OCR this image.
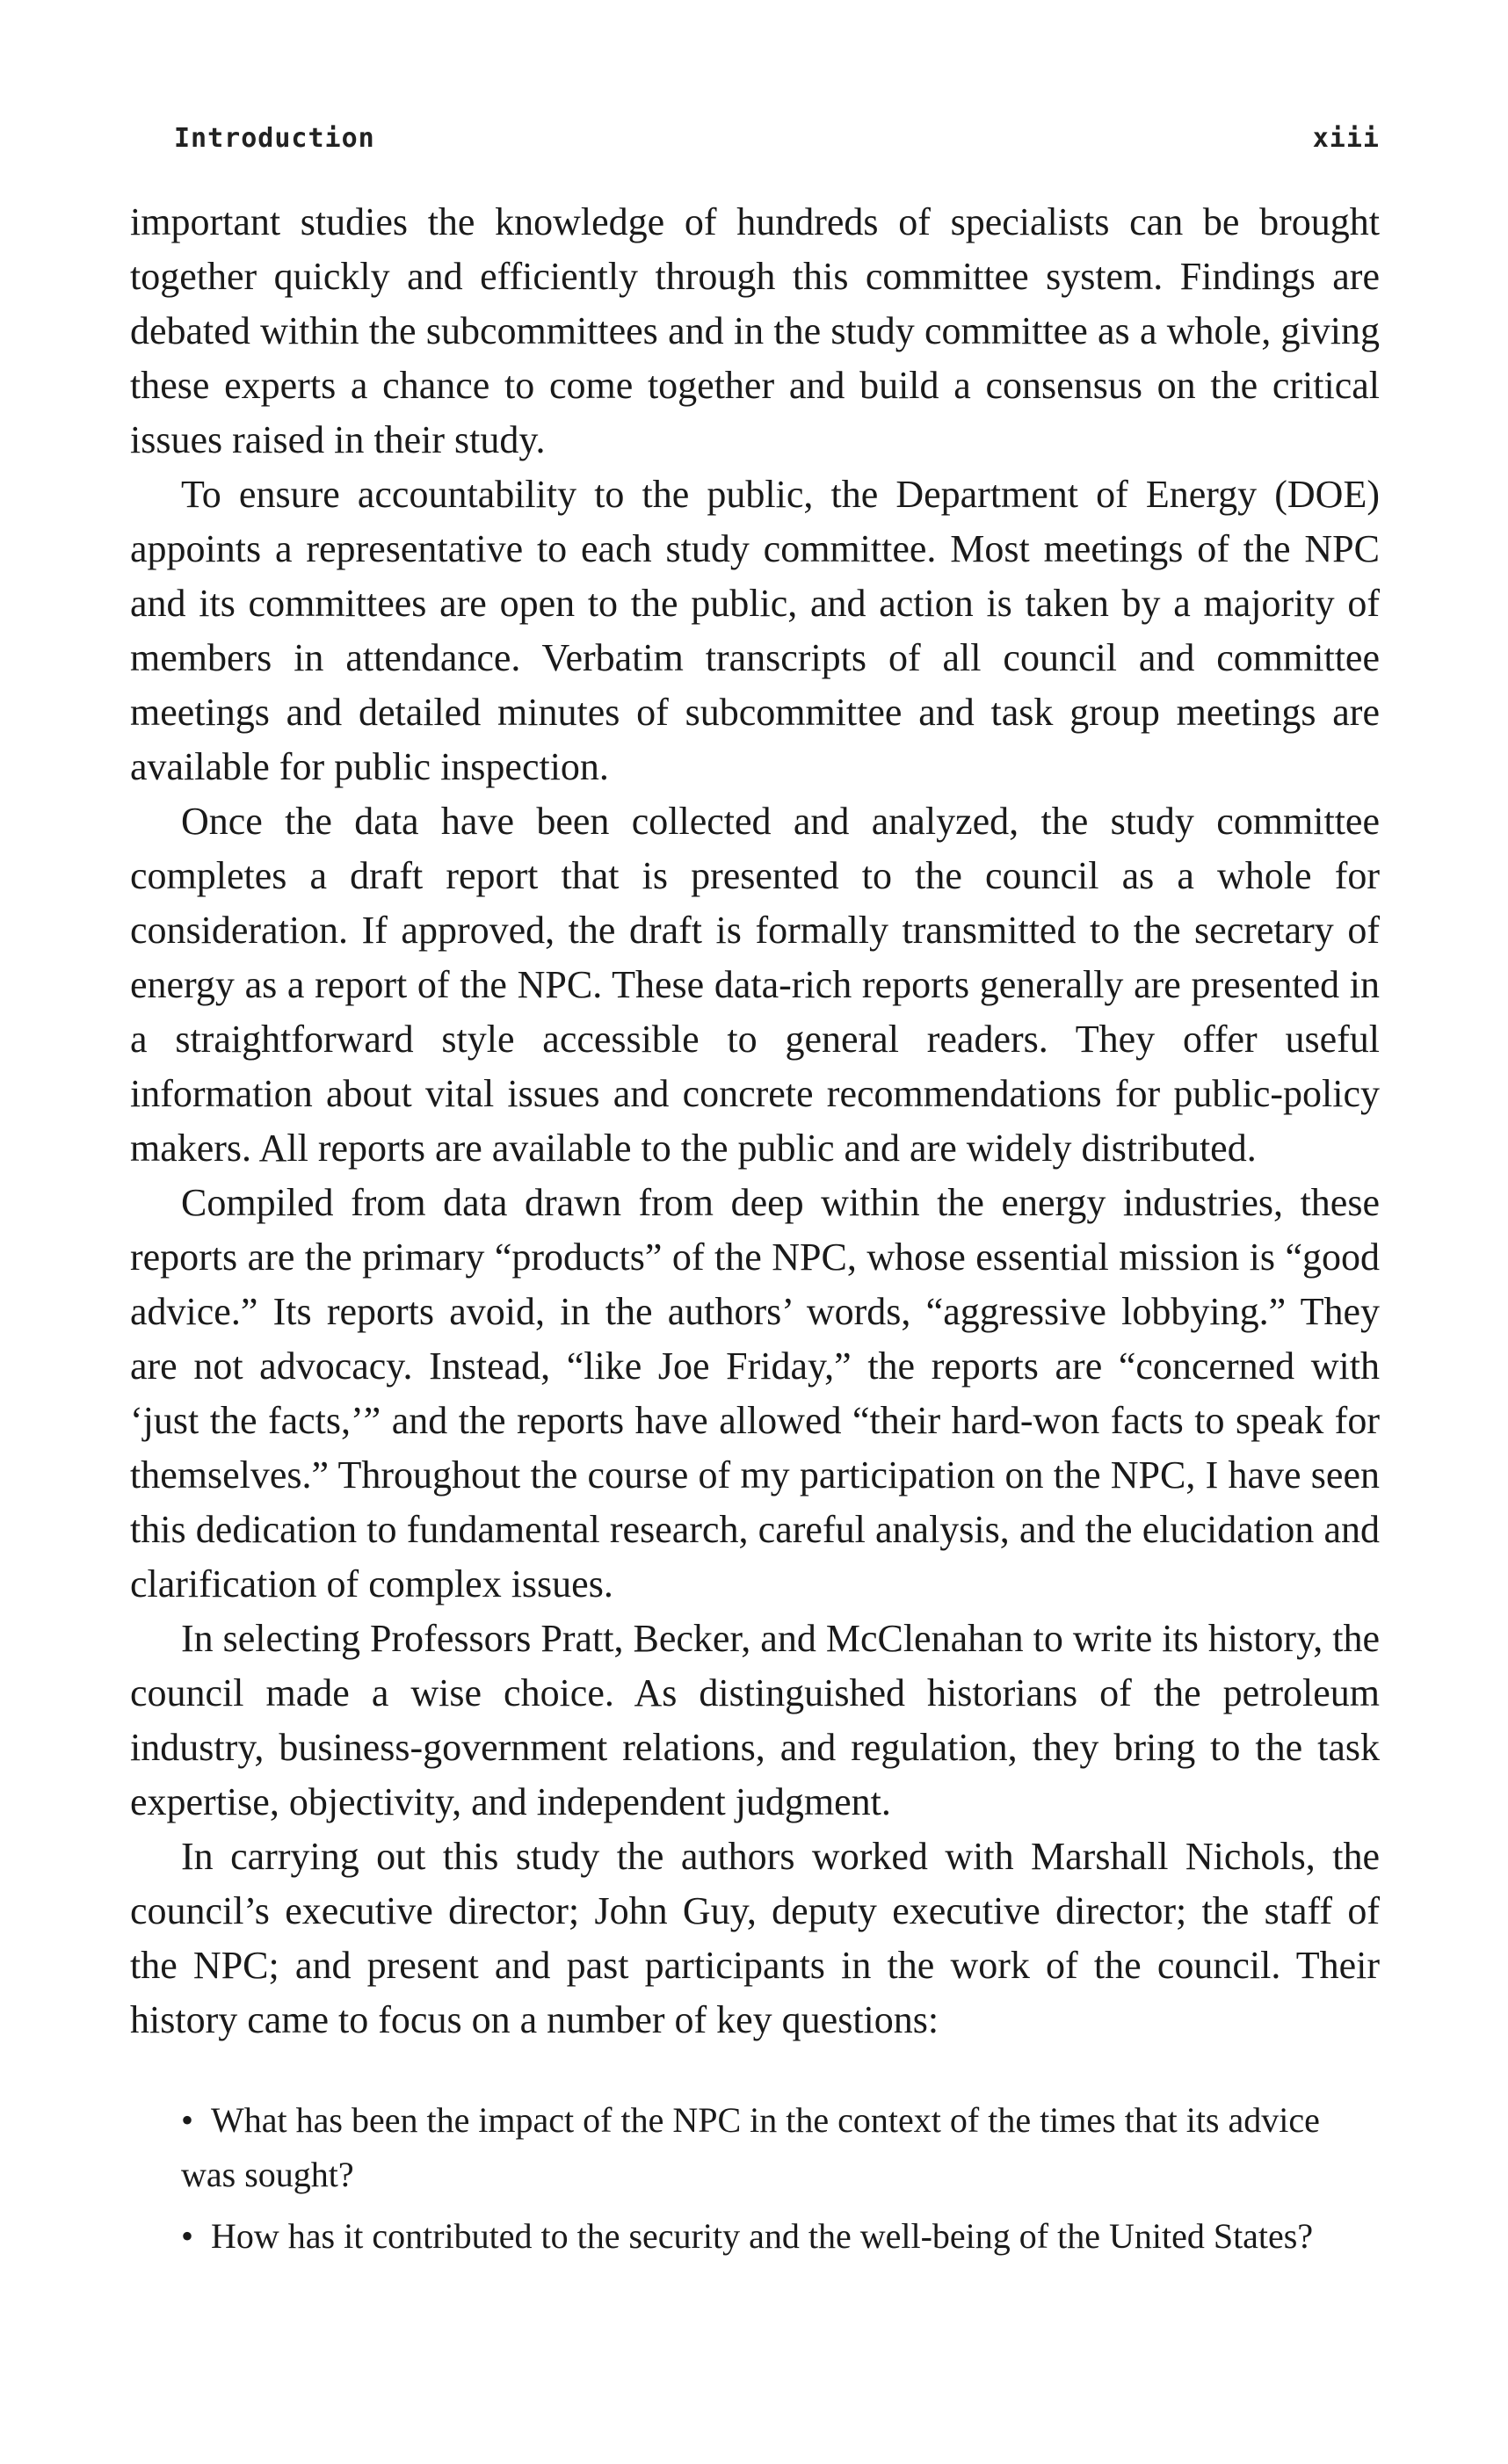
Introduction	xiii

important studies the knowledge of hundreds of specialists can be brought together quickly and efficiently through this committee system. Findings are debated within the subcommittees and in the study committee as a whole, giving these experts a chance to come together and build a consensus on the critical issues raised in their study.

To ensure accountability to the public, the Department of Energy (DOE) appoints a representative to each study committee. Most meetings of the NPC and its committees are open to the public, and action is taken by a majority of members in attendance. Verbatim transcripts of all council and committee meetings and detailed minutes of subcommittee and task group meetings are available for public inspection.

Once the data have been collected and analyzed, the study committee completes a draft report that is presented to the council as a whole for consideration. If approved, the draft is formally transmitted to the secretary of energy as a report of the NPC. These data-rich reports generally are presented in a straightforward style accessible to general readers. They offer useful information about vital issues and concrete recommendations for public-policy makers. All reports are available to the public and are widely distributed.

Compiled from data drawn from deep within the energy industries, these reports are the primary “products” of the NPC, whose essential mission is “good advice.” Its reports avoid, in the authors’ words, “aggressive lobbying.” They are not advocacy. Instead, “like Joe Friday,” the reports are “concerned with ‘just the facts,’” and the reports have allowed “their hard-won facts to speak for themselves.” Throughout the course of my participation on the NPC, I have seen this dedication to fundamental research, careful analysis, and the elucidation and clarification of complex issues.

In selecting Professors Pratt, Becker, and McClenahan to write its history, the council made a wise choice. As distinguished historians of the petroleum industry, business-government relations, and regulation, they bring to the task expertise, objectivity, and independent judgment.

In carrying out this study the authors worked with Marshall Nichols, the council’s executive director; John Guy, deputy executive director; the staff of the NPC; and present and past participants in the work of the council. Their history came to focus on a number of key questions:

• What has been the impact of the NPC in the context of the times that its advice was sought?
• How has it contributed to the security and the well-being of the United States?
